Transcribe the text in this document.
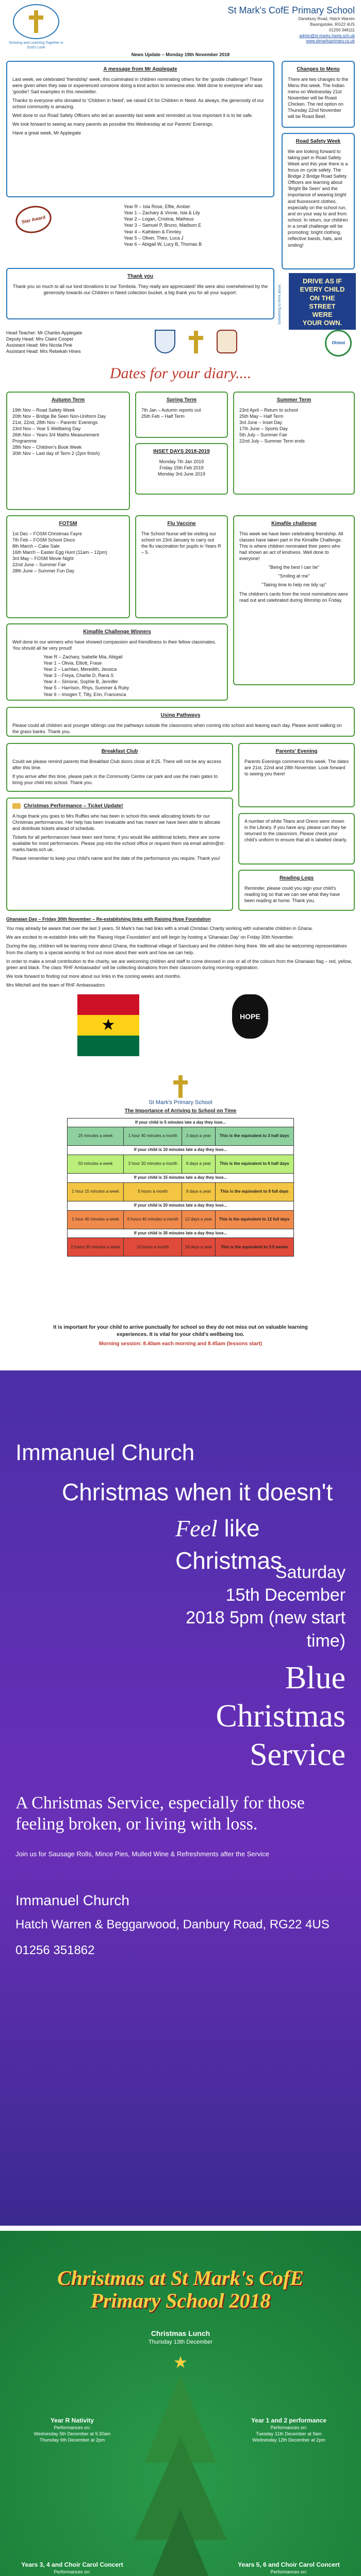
Growing and Learning Together in God's Love
St Mark's CofE Primary School
Danebury Road, Hatch Warren
Basingstoke, RG22 4US
01256 346111
admin@st-marks.hants.sch.uk
www.stmarksprimary.co.uk
News Update – Monday 19th November 2018
A message from Mr Applegate

Last week, we celebrated 'friendship' week, this culminated in children nominating others for the 'goodie challenge'! These were given when they saw or experienced someone doing a kind action to someone else. Well done to everyone who was 'goodie'! Sad examples in this newsletter.

Thanks to everyone who donated to 'Children in Need', we raised £X for Children in Need. As always, the generosity of our school community is amazing.

Well done to our Road Safety Officers who led an assembly last week and reminded us how important it is to be safe.

We look forward to seeing as many parents as possible this Wednesday at our Parents' Evenings.

Have a great week, Mr Applegate

Changes to Menu

There are two changes to the Menu this week. The Indian menu on Wednesday 21st November will be Roast Chicken. The red option on Thursday 22nd November will be Roast Beef.

Road Safety Week

We are looking forward to taking part in Road Safety Week and this year there is a focus on cycle safety. The Bridge 2 Bridge Road Safety Officers are learning about 'Bright Be Seen' and the importance of wearing bright and fluorescent clothes, especially on the school run, and on your way to and from school. In return, our children in a small challenge will be promoting: bright clothing, reflective bands, hats, and smiling!

Star Award
Year R – Isla Rose, Effie, Amber
Year 1 – Zachary & Vinnie, Isla & Lily
Year 2 – Logan, Cristina, Matheus
Year 3 – Samuel P, Bruno, Madison E
Year 4 – Kathleen & Finnley
Year 5 – Oliver, Theo, Luca J
Year 6 – Abigail W, Lucy B, Thomas B
Thank you

Thank you so much to all our kind donations to our Tombola. They really are appreciated! We were also overwhelmed by the generosity towards our Children in Need collection bucket, a big thank you for all your support.	Something to think about
DRIVE AS IF
EVERY CHILD
ON THE
STREET
WERE
YOUR OWN.
Head Teacher: Mr Charles Applegate
Deputy Head: Mrs Claire Cooper
Assistant Head: Mrs Nicola Pink
Assistant Head: Mrs Rebekah Hines
Ofsted
Dates for your diary....
Autumn Term
19th Nov – Road Safety Week
20th Nov – Bridge Be Seen Non-Uniform Day
21st, 22nd, 28th Nov – Parents' Evenings
23rd Nov – Year 5 Wellbeing Day
26th Nov – Years 3/4 Maths Measurement Programme
28th Nov – Children's Book Week
30th Nov – Last day of Term 2 (2pm finish)
Spring Term
7th Jan – Autumn reports out
25th Feb – Half Term
INSET DAYS 2018-2019
Monday 7th Jan 2019
Friday 15th Feb 2019
Monday 3rd June 2019
Summer Term
23rd April – Return to school
25th May – Half Term
3rd June – Inset Day
17th June – Sports Day
5th July – Summer Fair
22nd July – Summer Term ends
FOTSM
1st Dec – FOSM Christmas Fayre
7th Feb – FOSM School Disco
8th March – Cake Sale
16th March – Easter Egg Hunt (11am – 12pm)
3rd May – FOSM Movie Night
22nd June – Summer Fair
28th June – Summer Fun Day
Flu Vaccine

The School Nurse will be visiting our school on 23rd January to carry out the flu vaccination for pupils in Years R – 5.

Kimafile challenge

This week we have been celebrating friendship. All classes have taken part in the Kimafile Challenge. This is where children nominated their peers who had shown an act of kindness. Well done to everyone!

"Being the best I can be"

"Smiling at me"

"Taking time to help me tidy up"

The children's cards from the most nominations were read out and celebrated during Worship on Friday.

Kimafile Challenge Winners

Well done to our winners who have showed compassion and friendliness to their fellow classmates. You should all be very proud!

Year R – Zachary, Isabelle Mia, Abigail
Year 1 – Olivia, Elliott, Frase
Year 2 – Lachlan, Meredith, Jessica
Year 3 – Freya, Charlie D, Rana S
Year 4 – Simone, Sophie B, Jennifer
Year 5 – Harrison, Rhys, Summer & Ruby
Year 6 – Imogen T, Tilly, Erin, Francesca
Using Pathways

Please could all children and younger siblings use the pathways outside the classrooms when coming into school and leaving each day. Please avoid walking on the grass banks. Thank you.

Breakfast Club

Could we please remind parents that Breakfast Club doors close at 8:25. There will not be any access after this time.

If you arrive after this time, please park in the Community Centre car park and use the main gates to bring your child into school. Thank you.

Parents' Evening

Parents Evenings commence this week. The dates are 21st, 22nd and 28th November. Look forward to seeing you there!

Christmas Performance – Ticket Update!

A huge thank you goes to Mrs Ruffles who has been in school this week allocating tickets for our Christmas performances. Her help has been invaluable and has meant we have been able to allocate and distribute tickets ahead of schedule.

Tickets for all performances have been sent home; if you would like additional tickets, there are some available for most performances. Please pop into the school office or request them via email admin@st-marks.hants.sch.uk.

Please remember to keep your child's name and the date of the performance you require. Thank you!

A number of white Titans and Oreos were shown in the Library. If you have any, please can they be returned to the classroom. Please check your child's uniform to ensure that all is labelled clearly.

Reading Logs

Reminder, please could you sign your child's reading log so that we can see what they have been reading at home. Thank you.

Ghanaian Day – Friday 30th November – Re-establishing links with Raising Hope Foundation

You may already be aware that over the last 3 years, St Mark's has had links with a small Christian Charity working with vulnerable children in Ghana.

We are excited to re-establish links with the 'Raising Hope Foundation' and will begin by hosting a 'Ghanaian Day' on Friday 30th November.

During the day, children will be learning more about Ghana, the traditional village of Sanctuary and the children living there. We will also be welcoming representatives from the charity to a special worship to find out more about their work and how we can help.

In order to make a small contribution to the charity, we are welcoming children and staff to come dressed in one or all of the colours from the Ghanaian flag – red, yellow, green and black. The class 'RHF Ambassador' will be collecting donations from their classroom during morning registration.

We look forward to finding out more about our links in the coming weeks and months.

Mrs Mitchell and the team of RHF Ambassadors

★
HOPE
St Mark's Primary School
The Importance of Arriving to School on Time
If your child is 5 minutes late a day they lose...			
25 minutes a week	1 hour 40 minutes a month	3 days a year	This is the equivalent to 3 half days
If your child is 10 minutes late a day they lose...			
50 minutes a week	3 hour 20 minutes a month	6 days a year	This is the equivalent to 6 half days
If your child is 15 minutes late a day they lose...			
1 hour 15 minutes a week	5 hours a month	9 days a year	This is the equivalent to 9 full days
If your child is 20 minutes late a day they lose...			
1 hour 40 minutes a week	6 hours 40 minutes a month	12 days a year	This is the equivalent to 12 full days
If your child is 30 minutes late a day they lose...			
2 hours 30 minutes a week	10 hours a month	18 days a year	This is the equivalent to 3.5 weeks

It is important for your child to arrive punctually for school so they do not miss out on valuable learning experiences. It is vital for your child's wellbeing too.

Morning session: 8.40am each morning and 8.45am (lessons start)

Immanuel Church
Christmas when it doesn't
Feel like Christmas
Saturday
15th December
2018 5pm (new start
time)
Blue
Christmas
Service
A Christmas Service, especially for those feeling broken, or living with loss.
Join us for Sausage Rolls, Mince Pies, Mulled Wine & Refreshments after the Service
Immanuel Church
Hatch Warren & Beggarwood, Danbury Road, RG22 4US
01256 351862
Christmas at St Mark's CofE
Primary School 2018
Christmas Lunch
Thursday 13th December
★
Year R Nativity
Performances on:
Wednesday 5th December at 9.30am
Thursday 6th December at 2pm
Year 1 and 2 performance
Performances on:
Tuesday 11th December at 9am
Wednesday 12th December at 2pm
Years 3, 4 and Choir Carol Concert
Performances on:
Years 5, 6 and Choir Carol Concert
Performances on:
